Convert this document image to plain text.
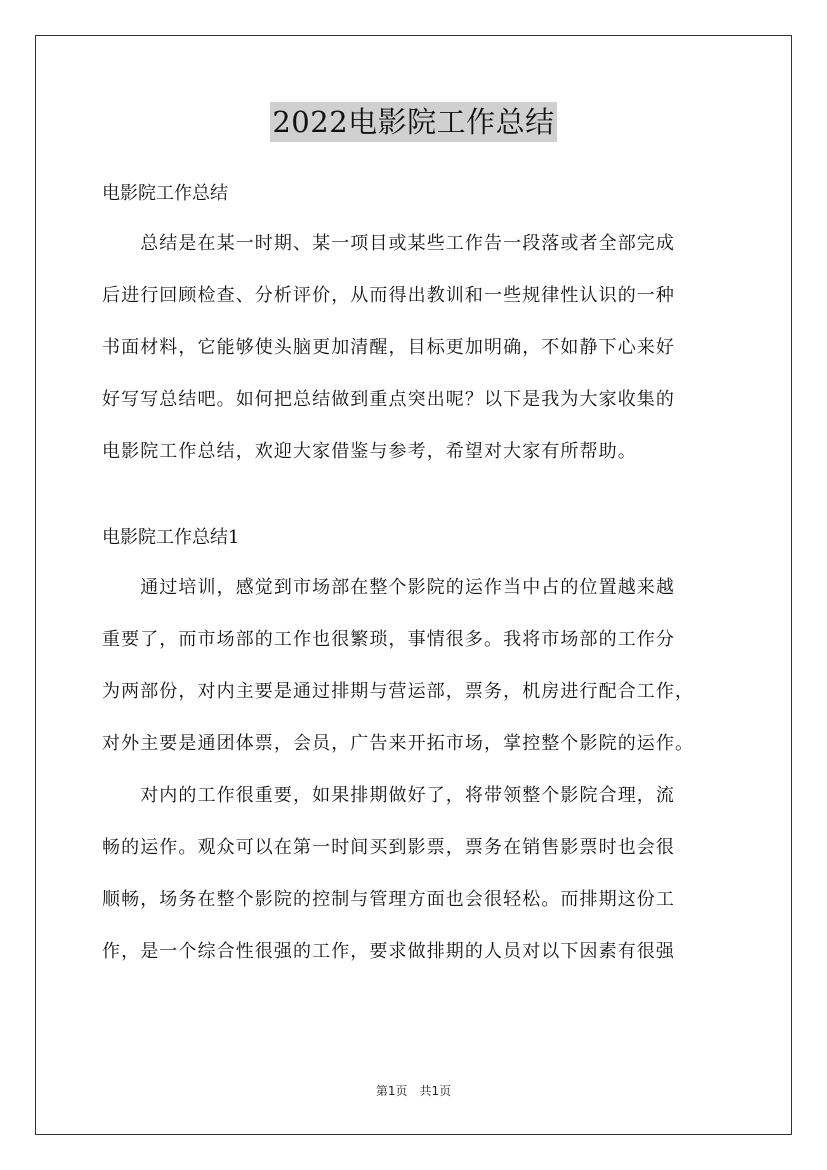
2022电影院工作总结

电影院工作总结

　　总结是在某一时期、某一项目或某些工作告一段落或者全部完成
后进行回顾检查、分析评价，从而得出教训和一些规律性认识的一种
书面材料，它能够使头脑更加清醒，目标更加明确，不如静下心来好
好写写总结吧。如何把总结做到重点突出呢？以下是我为大家收集的
电影院工作总结，欢迎大家借鉴与参考，希望对大家有所帮助。

电影院工作总结1

　　通过培训，感觉到市场部在整个影院的运作当中占的位置越来越
重要了，而市场部的工作也很繁琐，事情很多。我将市场部的工作分
为两部份，对内主要是通过排期与营运部，票务，机房进行配合工作，
对外主要是通团体票，会员，广告来开拓市场，掌控整个影院的运作。

　　对内的工作很重要，如果排期做好了，将带领整个影院合理，流
畅的运作。观众可以在第一时间买到影票，票务在销售影票时也会很
顺畅，场务在整个影院的控制与管理方面也会很轻松。而排期这份工
作，是一个综合性很强的工作，要求做排期的人员对以下因素有很强

第1页　共1页
